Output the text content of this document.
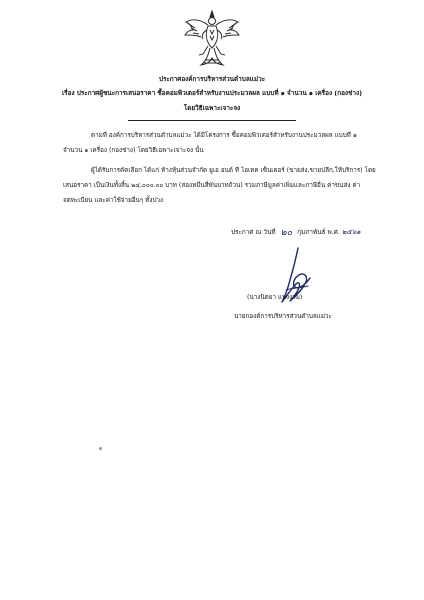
ประกาศองค์การบริหารส่วนตำบลแม่วะ
เรื่อง ประกาศผู้ชนะการเสนอราคา ซื้อคอมพิวเตอร์สำหรับงานประมวลผล แบบที่ ๑ จำนวน ๑ เครื่อง (กองช่าง)
โดยวิธีเฉพาะเจาะจง
ตามที่ องค์การบริหารส่วนตำบลแม่วะ ได้มีโครงการ ซื้อคอมพิวเตอร์สำหรับงานประมวลผล แบบที่ ๑
จำนวน ๑ เครื่อง (กองช่าง) โดยวิธีเฉพาะเจาะจง นั้น
ผู้ได้รับการคัดเลือก ได้แก่ ห้างหุ้นส่วนจำกัด ยูเอ อนด์ ที ไอเทค เซ็นเตอร์ (ขายส่ง,ขายปลีก,ให้บริการ) โดย
เสนอราคา เป็นเงินทั้งสิ้น ๒๔,๐๐๐.๐๐ บาท (สองหมื่นสี่พันบาทถ้วน) รวมภาษีมูลค่าเพิ่มและภาษีอื่น ค่าขนส่ง ค่า
จดทะเบียน และค่าใช้จ่ายอื่นๆ ทั้งปวง
ประกาศ ณ วันที่ ๒๐ กุมภาพันธ์ พ.ศ. ๒๕๖๑
(นางนิตยา แปงงาม)
นายกองค์การบริหารส่วนตำบลแม่วะ
